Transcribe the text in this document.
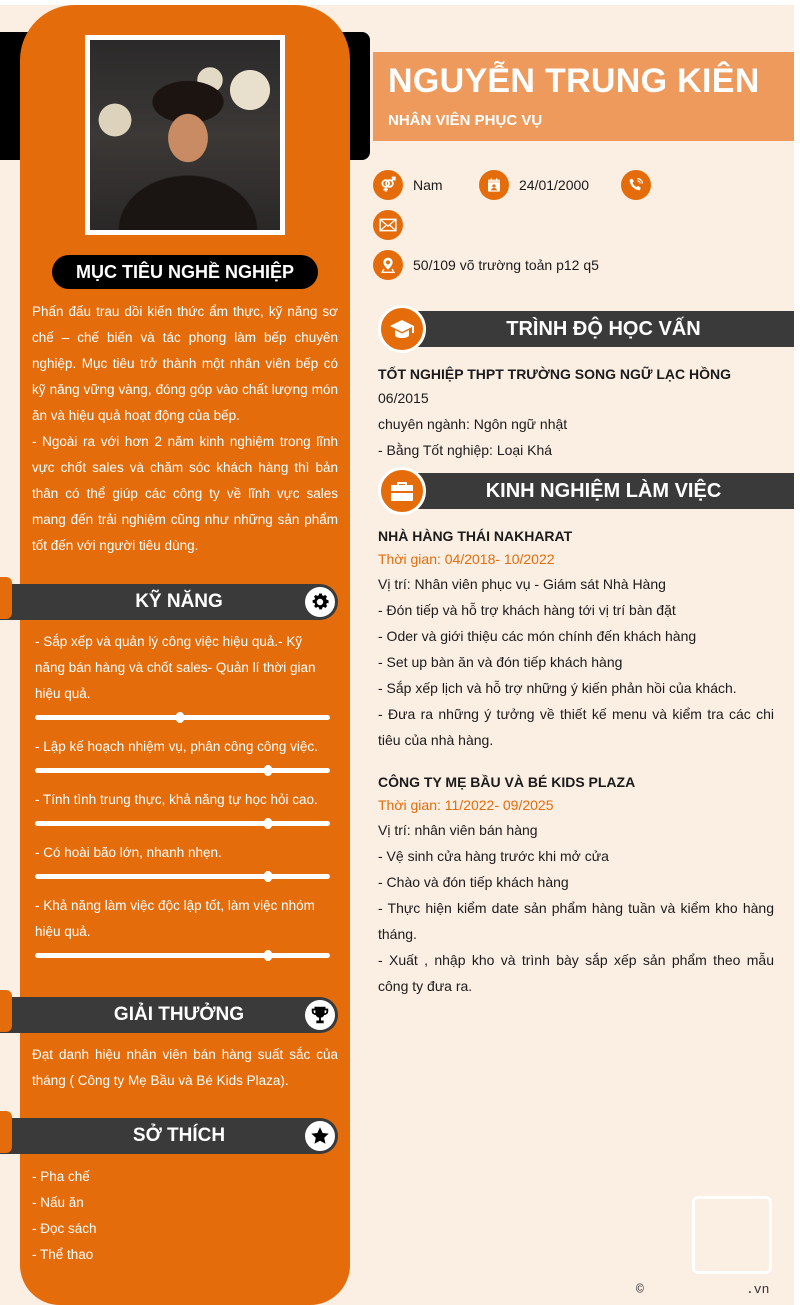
MỤC TIÊU NGHỀ NGHIỆP

Phấn đấu trau dồi kiến thức ẩm thực, kỹ năng sơ chế – chế biến và tác phong làm bếp chuyên nghiệp. Mục tiêu trở thành một nhân viên bếp có kỹ năng vững vàng, đóng góp vào chất lượng món ăn và hiệu quả hoạt động của bếp.

- Ngoài ra với hơn 2 năm kinh nghiệm trong lĩnh vực chốt sales và chăm sóc khách hàng thì bản thân có thể giúp các công ty về lĩnh vực sales mang đến trải nghiệm cũng như những sản phẩm tốt đến với người tiêu dùng.

KỸ NĂNG
- Sắp xếp và quản lý công việc hiệu quả.- Kỹ năng bán hàng và chốt sales- Quản lí thời gian hiệu quả.
- Lập kế hoạch nhiệm vụ, phân công công việc.
- Tính tình trung thực, khả năng tự học hỏi cao.
- Có hoài bão lớn, nhanh nhẹn.
- Khả năng làm việc độc lập tốt, làm việc nhóm hiệu quả.
GIẢI THƯỞNG
Đạt danh hiệu nhân viên bán hàng suất sắc của tháng ( Công ty Mẹ Bầu và Bé Kids Plaza).
SỞ THÍCH
- Pha chế
- Nấu ăn
- Đọc sách
- Thể thao
NGUYỄN TRUNG KIÊN
NHÂN VIÊN PHỤC VỤ
Nam	24/01/2000
50/109 võ trường toản p12 q5
TRÌNH ĐỘ HỌC VẤN
TỐT NGHIỆP THPT TRƯỜNG SONG NGỮ LẠC HỒNG
06/2015
chuyên ngành: Ngôn ngữ nhật
- Bằng Tốt nghiệp: Loại Khá
KINH NGHIỆM LÀM VIỆC
NHÀ HÀNG THÁI NAKHARAT
Thời gian: 04/2018- 10/2022
Vị trí: Nhân viên phục vụ - Giám sát Nhà Hàng
- Đón tiếp và hỗ trợ khách hàng tới vị trí bàn đặt
- Oder và giới thiệu các món chính đến khách hàng
- Set up bàn ăn và đón tiếp khách hàng
- Sắp xếp lịch và hỗ trợ những ý kiến phản hồi của khách.
- Đưa ra những ý tưởng về thiết kế menu và kiểm tra các chi tiêu của nhà hàng.
CÔNG TY MẸ BẦU VÀ BÉ KIDS PLAZA
Thời gian: 11/2022- 09/2025
Vị trí: nhân viên bán hàng
- Vệ sinh cửa hàng trước khi mở cửa
- Chào và đón tiếp khách hàng
- Thực hiện kiểm date sản phẩm hàng tuần và kiểm kho hàng tháng.
- Xuất , nhập kho và trình bày sắp xếp sản phẩm theo mẫu công ty đưa ra.
©	.vn
